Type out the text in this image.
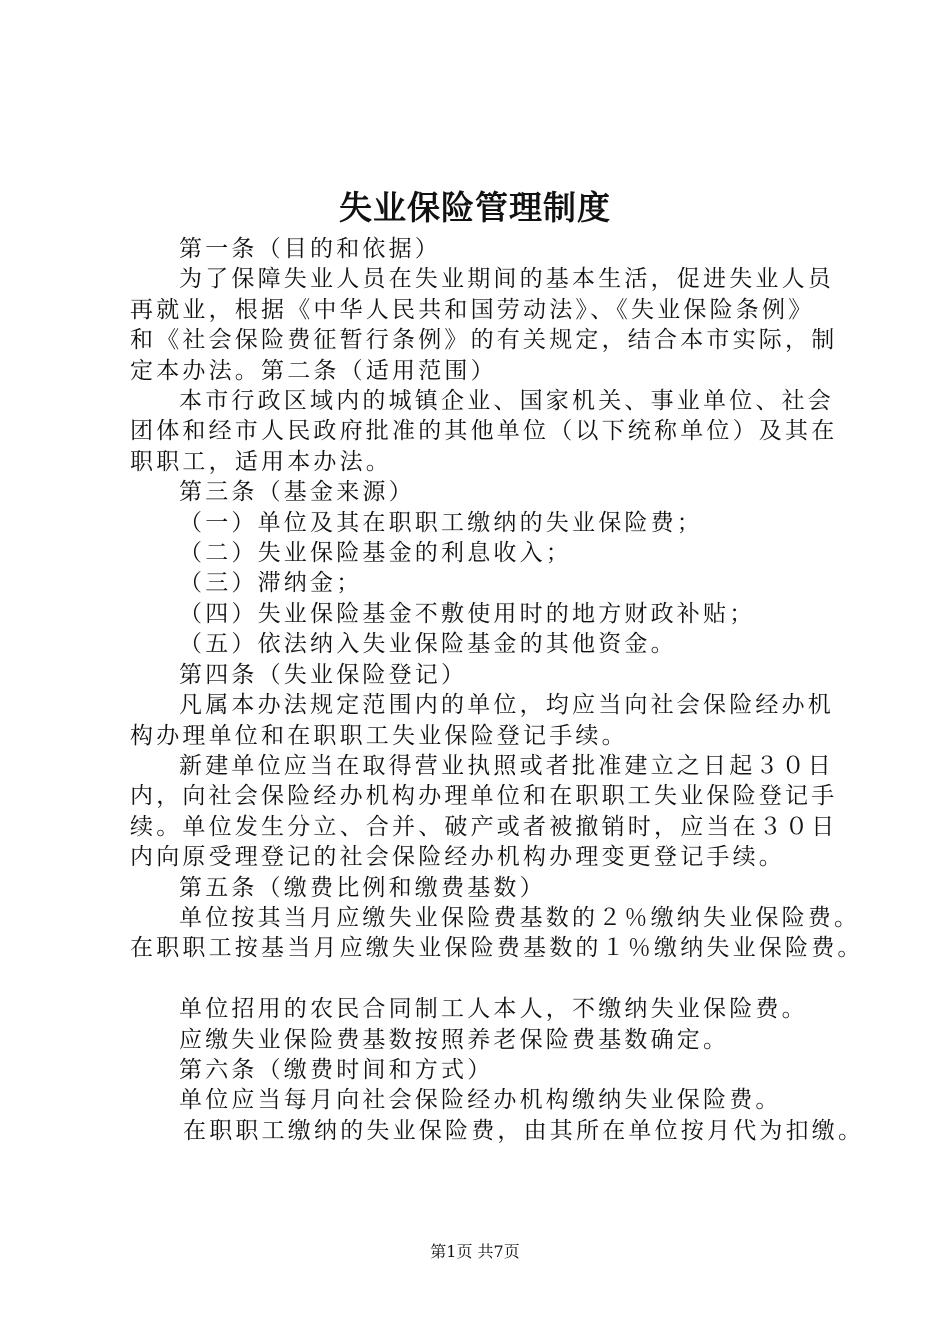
失业保险管理制度

第一条（目的和依据）

为了保障失业人员在失业期间的基本生活，促进失业人员

再就业，根据《中华人民共和国劳动法》、《失业保险条例》

和《社会保险费征暂行条例》的有关规定，结合本市实际，制

定本办法。第二条（适用范围）

本市行政区域内的城镇企业、国家机关、事业单位、社会

团体和经市人民政府批准的其他单位（以下统称单位）及其在

职职工，适用本办法。

第三条（基金来源）

（一）单位及其在职职工缴纳的失业保险费；

（二）失业保险基金的利息收入；

（三）滞纳金；

（四）失业保险基金不敷使用时的地方财政补贴；

（五）依法纳入失业保险基金的其他资金。

第四条（失业保险登记）

凡属本办法规定范围内的单位，均应当向社会保险经办机

构办理单位和在职职工失业保险登记手续。

新建单位应当在取得营业执照或者批准建立之日起３０日

内，向社会保险经办机构办理单位和在职职工失业保险登记手

续。单位发生分立、合并、破产或者被撤销时，应当在３０日

内向原受理登记的社会保险经办机构办理变更登记手续。

第五条（缴费比例和缴费基数）

单位按其当月应缴失业保险费基数的２％缴纳失业保险费。

在职职工按基当月应缴失业保险费基数的１％缴纳失业保险费。

单位招用的农民合同制工人本人，不缴纳失业保险费。

应缴失业保险费基数按照养老保险费基数确定。

第六条（缴费时间和方式）

单位应当每月向社会保险经办机构缴纳失业保险费。

在职职工缴纳的失业保险费，由其所在单位按月代为扣缴。

第1页 共7页
